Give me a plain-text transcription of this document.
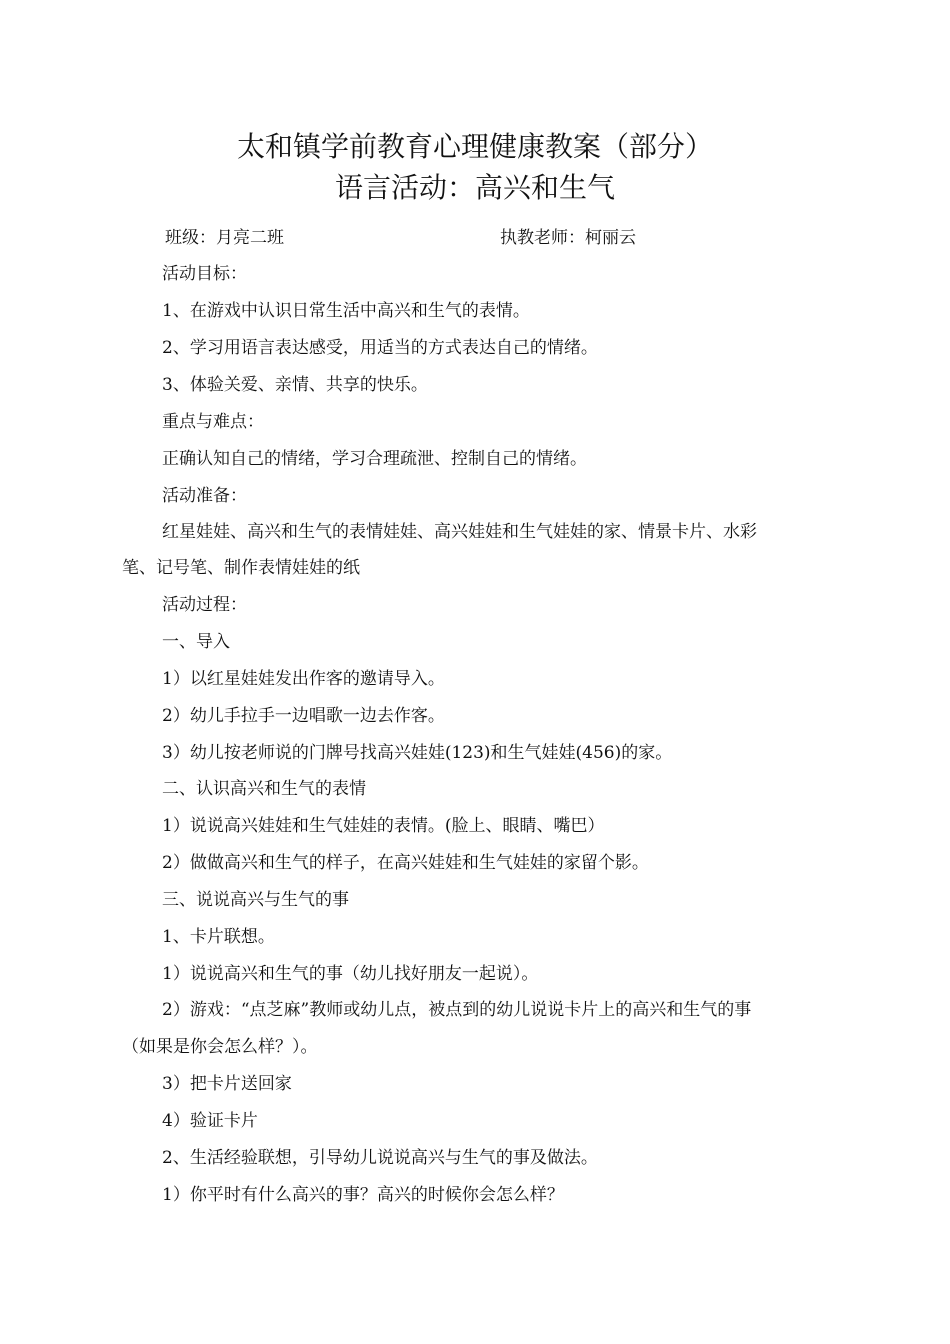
太和镇学前教育心理健康教案（部分）
语言活动：高兴和生气
班级：月亮二班	执教老师：柯丽云
活动目标：
1、在游戏中认识日常生活中高兴和生气的表情。
2、学习用语言表达感受，用适当的方式表达自己的情绪。
3、体验关爱、亲情、共享的快乐。
重点与难点：
正确认知自己的情绪，学习合理疏泄、控制自己的情绪。
活动准备：
红星娃娃、高兴和生气的表情娃娃、高兴娃娃和生气娃娃的家、情景卡片、水彩
笔、记号笔、制作表情娃娃的纸
活动过程：
一、导入
1）以红星娃娃发出作客的邀请导入。
2）幼儿手拉手一边唱歌一边去作客。
3）幼儿按老师说的门牌号找高兴娃娃(123)和生气娃娃(456)的家。
二、认识高兴和生气的表情
1）说说高兴娃娃和生气娃娃的表情。(脸上、眼睛、嘴巴）
2）做做高兴和生气的样子，在高兴娃娃和生气娃娃的家留个影。
三、说说高兴与生气的事
1、卡片联想。
1）说说高兴和生气的事（幼儿找好朋友一起说）。
2）游戏：“点芝麻”教师或幼儿点，被点到的幼儿说说卡片上的高兴和生气的事
（如果是你会怎么样？）。
3）把卡片送回家
4）验证卡片
2、生活经验联想，引导幼儿说说高兴与生气的事及做法。
1）你平时有什么高兴的事？高兴的时候你会怎么样？
